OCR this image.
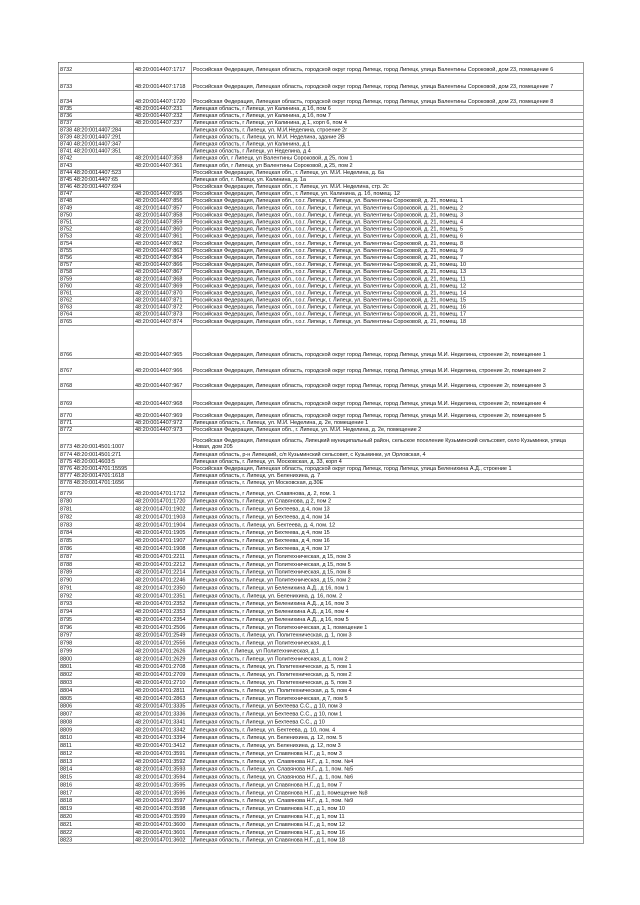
8732	48:20:0014407:1717	Российская Федерация, Липецкая область, городской округ город Липецк, город Липецк, улица Валентины Сороковой, дом 23, помещение 6
8733	48:20:0014407:1718	Российская Федерация, Липецкая область, городской округ город Липецк, город Липецк, улица Валентины Сороковой, дом 23, помещение 7
8734	48:20:0014407:1720	Российская Федерация, Липецкая область, городской округ город Липецк, город Липецк, улица Валентины Сороковой, дом 23, помещение 8
8735	48:20:0014407:231	Липецкая область, г Липецк, ул Калинина, д 1б, пом 6
8736	48:20:0014407:232	Липецкая область, г Липецк, ул Калинина, д 1б, пом 7
8737	48:20:0014407:237	Липецкая область, г Липецк, ул Калинина, д 1, корп 6, пом 4
8738 48:20:0014407:284		Липецкая область, г. Липецк, ул. М.И.Неделина, строение 2г
8739 48:20:0014407:291		Липецкая область, г. Липецк, ул. М.И. Неделина, здание 2В
8740 48:20:0014407:347		Липецкая область, г Липецк, ул Калинина, д 1
8741 48:20:0014407:351		Липецкая область, г Липецк, ул Неделина, д 4
8742	48:20:0014407:358	Липецкая обл, г Липецк, ул Валентины Сороковой, д 25, пом 1
8743	48:20:0014407:361	Липецкая обл, г Липецк, ул Валентины Сороковой, д 25, пом 2
8744 48:20:0014407:523		Российская Федерация, Липецкая обл., г. Липецк, ул. М.И. Неделина, д. 6а
8745 48:20:0014407:65		Липецкая обл, г. Липецк, ул. Калинина, д. 1а
8746 48:20:0014407:694		Российская Федерация, Липецкая обл., г. Липецк, ул. М.И. Неделина, стр. 2с
8747	48:20:0014407:695	Российская Федерация, Липецкая обл., г. Липецк, ул. Калинина, д. 1б, помещ. 12
8748	48:20:0014407:856	Российская Федерация, Липецкая обл., г.о.г. Липецк, г. Липецк, ул. Валентины Сороковой, д. 21, помещ. 1
8749	48:20:0014407:857	Российская Федерация, Липецкая обл., г.о.г. Липецк, г. Липецк, ул. Валентины Сороковой, д. 21, помещ. 2
8750	48:20:0014407:858	Российская Федерация, Липецкая обл., г.о.г. Липецк, г. Липецк, ул. Валентины Сороковой, д. 21, помещ. 3
8751	48:20:0014407:859	Российская Федерация, Липецкая обл., г.о.г. Липецк, г. Липецк, ул. Валентины Сороковой, д. 21, помещ. 4
8752	48:20:0014407:860	Российская Федерация, Липецкая обл., г.о.г. Липецк, г. Липецк, ул. Валентины Сороковой, д. 21, помещ. 5
8753	48:20:0014407:861	Российская Федерация, Липецкая обл., г.о.г. Липецк, г. Липецк, ул. Валентины Сороковой, д. 21, помещ. 6
8754	48:20:0014407:862	Российская Федерация, Липецкая обл., г.о.г. Липецк, г. Липецк, ул. Валентины Сороковой, д. 21, помещ. 8
8755	48:20:0014407:863	Российская Федерация, Липецкая обл., г.о.г. Липецк, г. Липецк, ул. Валентины Сороковой, д. 21, помещ. 9
8756	48:20:0014407:864	Российская Федерация, Липецкая обл., г.о.г. Липецк, г. Липецк, ул. Валентины Сороковой, д. 21, помещ. 7
8757	48:20:0014407:866	Российская Федерация, Липецкая обл., г.о.г. Липецк, г. Липецк, ул. Валентины Сороковой, д. 21, помещ. 10
8758	48:20:0014407:867	Российская Федерация, Липецкая обл., г.о.г. Липецк, г. Липецк, ул. Валентины Сороковой, д. 21, помещ. 13
8759	48:20:0014407:868	Российская Федерация, Липецкая обл., г.о.г. Липецк, г. Липецк, ул. Валентины Сороковой, д. 21, помещ. 11
8760	48:20:0014407:869	Российская Федерация, Липецкая обл., г.о.г. Липецк, г. Липецк, ул. Валентины Сороковой, д. 21, помещ. 12
8761	48:20:0014407:870	Российская Федерация, Липецкая обл., г.о.г. Липецк, г. Липецк, ул. Валентины Сороковой, д. 21, помещ. 14
8762	48:20:0014407:871	Российская Федерация, Липецкая обл., г.о.г. Липецк, г. Липецк, ул. Валентины Сороковой, д. 21, помещ. 15
8763	48:20:0014407:872	Российская Федерация, Липецкая обл., г.о.г. Липецк, г. Липецк, ул. Валентины Сороковой, д. 21, помещ. 16
8764	48:20:0014407:873	Российская Федерация, Липецкая обл., г.о.г. Липецк, г. Липецк, ул. Валентины Сороковой, д. 21, помещ. 17
8765	48:20:0014407:874	Российская Федерация, Липецкая обл., г.о.г. Липецк, г. Липецк, ул. Валентины Сороковой, д. 21, помещ. 18
8766	48:20:0014407:965	Российская Федерация, Липецкая область, городской округ город Липецк, город Липецк, улица М.И. Неделина, строение 2г, помещение 1
8767	48:20:0014407:966	Российская Федерация, Липецкая область, городской округ город Липецк, город Липецк, улица М.И. Неделина, строение 2г, помещение 2
8768	48:20:0014407:967	Российская Федерация, Липецкая область, городской округ город Липецк, город Липецк, улица М.И. Неделина, строение 2г, помещение 3
8769	48:20:0014407:968	Российская Федерация, Липецкая область, городской округ город Липецк, город Липецк, улица М.И. Неделина, строение 2г, помещение 4
8770	48:20:0014407:969	Российская Федерация, Липецкая область, городской округ город Липецк, город Липецк, улица М.И. Неделина, строение 2г, помещение 5
8771	48:20:0014407:972	Липецкая область, г. Липецк, ул. М.И. Неделина, д. 2е, помещение 1
8772	48:20:0014407:973	Российская Федерация, Липецкая обл., г. Липецк, ул. М.И. Неделина, д. 2е, помещение 2
8773 48:20:0014501:1007		Российская Федерация, Липецкая область, Липецкий муниципальный район, сельское поселение Кузьминский сельсовет, село Кузьминки, улица Новая, дом 205
8774 48:20:0014501:271		Липецкая область, р-н Липецкий, с/п Кузьминский сельсовет, с Кузьминки, ул Орловская, 4
8775 48:20:0014603:5		Липецкая область, г. Липецк, ул. Московская, д. 33, корп 4
8776 48:20:0014701:15595		Российская Федерация, Липецкая область, городской округ город Липецк, город Липецк, улица Беленихина А.Д., строение 1
8777 48:20:0014701:1618		Липецкая область, г. Липецк, ул. Беленихина, д. 7
8778 48:20:0014701:1656		Липецкая область, г. Липецк, ул Московская, д.30Е
8779	48:20:0014701:1712	Липецкая область, г Липецк, ул. Славянова, д. 2, пом. 1
8780	48:20:0014701:1720	Липецкая область, г Липецк, ул Славянова, д 2, пом 2
8781	48:20:0014701:1902	Липецкая область, г Липецк, ул Бехтеева, д 4, пом 13
8782	48:20:0014701:1903	Липецкая область, г Липецк, ул Бехтеева, д 4, пом 14
8783	48:20:0014701:1904	Липецкая область, г. Липецк, ул. Бехтеева, д. 4, пом. 12
8784	48:20:0014701:1905	Липецкая область, г Липецк, ул Бехтеева, д 4, пом 15
8785	48:20:0014701:1907	Липецкая область, г Липецк, ул Бехтеева, д 4, пом 16
8786	48:20:0014701:1908	Липецкая область, г Липецк, ул Бехтеева, д 4, пом 17
8787	48:20:0014701:2211	Липецкая область, г Липецк, ул Политехническая, д 15, пом 3
8788	48:20:0014701:2212	Липецкая область, г Липецк, ул Политехническая, д 15, пом 5
8789	48:20:0014701:2214	Липецкая область, г Липецк, ул Политехническая, д 15, пом 8
8790	48:20:0014701:2246	Липецкая область, г Липецк, ул Политехническая, д 15, пом 2
8791	48:20:0014701:2350	Липецкая область, г Липецк, ул Беленихина А.Д., д 16, пом 1
8792	48:20:0014701:2351	Липецкая область, г. Липецк, ул. Беленихина, д. 16, пом. 2
8793	48:20:0014701:2352	Липецкая область, г Липецк, ул Беленихина А.Д., д 16, пом 3
8794	48:20:0014701:2353	Липецкая область, г Липецк, ул Беленихина А.Д., д 16, пом 4
8795	48:20:0014701:2354	Липецкая область, г Липецк, ул Беленихина А.Д., д 16, пом 5
8796	48:20:0014701:2506	Липецкая область, г Липецк, ул Политехническая, д 1, помещение 1
8797	48:20:0014701:2549	Липецкая область, г. Липецк, ул. Политехническая, д. 1, пом 3
8798	48:20:0014701:2556	Липецкая область, г Липецк, ул Политехническая, д 1
8799	48:20:0014701:2626	Липецкая обл, г Липецк, ул Политехническая, д 1
8800	48:20:0014701:2629	Липецкая область, г Липецк, ул Политехническая, д 1, пом 2
8801	48:20:0014701:2708	Липецкая область, г. Липецк, ул. Политехническая, д. 5, пом 1
8802	48:20:0014701:2709	Липецкая область, г. Липецк, ул. Политехническая, д. 5, пом 2
8803	48:20:0014701:2710	Липецкая область, г. Липецк, ул. Политехническая, д. 5, пом 3
8804	48:20:0014701:2811	Липецкая область, г. Липецк, ул. Политехническая, д. 5, пом 4
8805	48:20:0014701:2863	Липецкая область, г Липецк, ул Политехническая, д 7, пом 5
8806	48:20:0014701:3335	Липецкая область, г Липецк, ул Бехтеева С.С., д 10, пом 3
8807	48:20:0014701:3336	Липецкая область, г Липецк, ул Бехтеева С.С., д 10, пом 1
8808	48:20:0014701:3341	Липецкая область, г Липецк, ул Бехтеева С.С., д 10
8809	48:20:0014701:3342	Липецкая область, г. Липецк, ул. Бехтеева, д. 10, пом. 4
8810	48:20:0014701:3394	Липецкая область, г. Липецк, ул. Беленихина, д. 12, пом. 5
8811	48:20:0014701:3412	Липецкая область, г. Липецк, ул. Беленихина, д. 12, пом 3
8812	48:20:0014701:3591	Липецкая область, г Липецк, ул Славянова Н.Г., д 1, пом 3
8813	48:20:0014701:3592	Липецкая область, г. Липецк, ул. Славянова Н.Г., д. 1, пом. №4
8814	48:20:0014701:3593	Липецкая область, г. Липецк, ул. Славянова Н.Г., д. 1, пом. №5
8815	48:20:0014701:3594	Липецкая область, г. Липецк, ул. Славянова Н.Г., д. 1, пом. №6
8816	48:20:0014701:3595	Липецкая область, г Липецк, ул Славянова Н.Г., д 1, пом 7
8817	48:20:0014701:3596	Липецкая область, г Липецк, ул Славянова Н.Г., д 1, помещение №8
8818	48:20:0014701:3597	Липецкая область, г. Липецк, ул. Славянова Н.Г., д. 1, пом. №9
8819	48:20:0014701:3598	Липецкая область, г Липецк, ул Славянова Н.Г., д 1, пом 10
8820	48:20:0014701:3599	Липецкая область, г Липецк, ул Славянова Н.Г., д 1, пом 11
8821	48:20:0014701:3600	Липецкая область, г Липецк, ул Славянова Н.Г., д 1, пом 12
8822	48:20:0014701:3601	Липецкая область, г Липецк, ул Славянова Н.Г., д 1, пом 16
8823	48:20:0014701:3602	Липецкая область, г Липецк, ул Славянова Н.Г., д 1, пом 18
